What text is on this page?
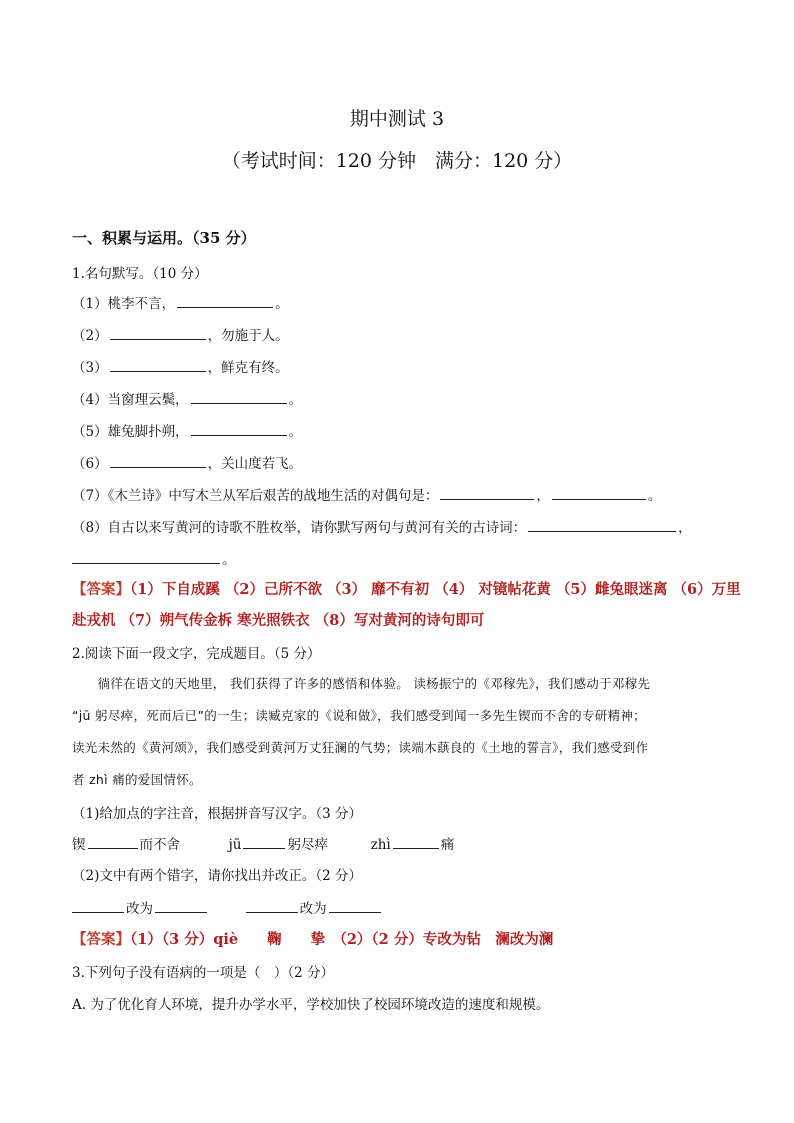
期中测试 3
（考试时间：120 分钟　满分：120 分）
一、积累与运用。（35 分）
1.名句默写。（10 分）
（1）桃李不言，	。
（2）	，勿施于人。
（3）	，鲜克有终。
（4）当窗理云鬓，	。
（5）雄兔脚扑朔，	。
（6）	，关山度若飞。
（7）《木兰诗》中写木兰从军后艰苦的战地生活的对偶句是：	，	。
（8）自古以来写黄河的诗歌不胜枚举，请你默写两句与黄河有关的古诗词：	，
。
【答案】（1）下自成蹊 （2）己所不欲 （3） 靡不有初 （4） 对镜帖花黄 （5）雌兔眼迷离 （6）万里
赴戎机 （7）朔气传金柝 寒光照铁衣 （8）写对黄河的诗句即可
2.阅读下面一段文字，完成题目。（5 分）
　　徜徉在语文的天地里， 我们获得了许多的感悟和体验。 读杨振宁的《邓稼先》，我们感动于邓稼先
“jū 躬尽瘁，死而后已”的一生；读臧克家的《说和做》，我们感受到闻一多先生锲而不舍的专研精神；
读光未然的《黄河颂》，我们感受到黄河万丈狂澜的气势；读端木蕻良的《土地的誓言》，我们感受到作
者 zhì 痛的爱国情怀。
（1)给加点的字注音，根据拼音写汉字。（3 分）
锲	而不舍	jū	躬尽瘁	zhì	痛
（2)文中有两个错字，请你找出并改正。（2 分）
改为	改为
【答案】（1）（3 分）qiè　　鞠　　挚　（2）（2 分）专改为钻　澜改为澜
3.下列句子没有语病的一项是（　）（2 分）
A. 为了优化育人环境，提升办学水平，学校加快了校园环境改造的速度和规模。
